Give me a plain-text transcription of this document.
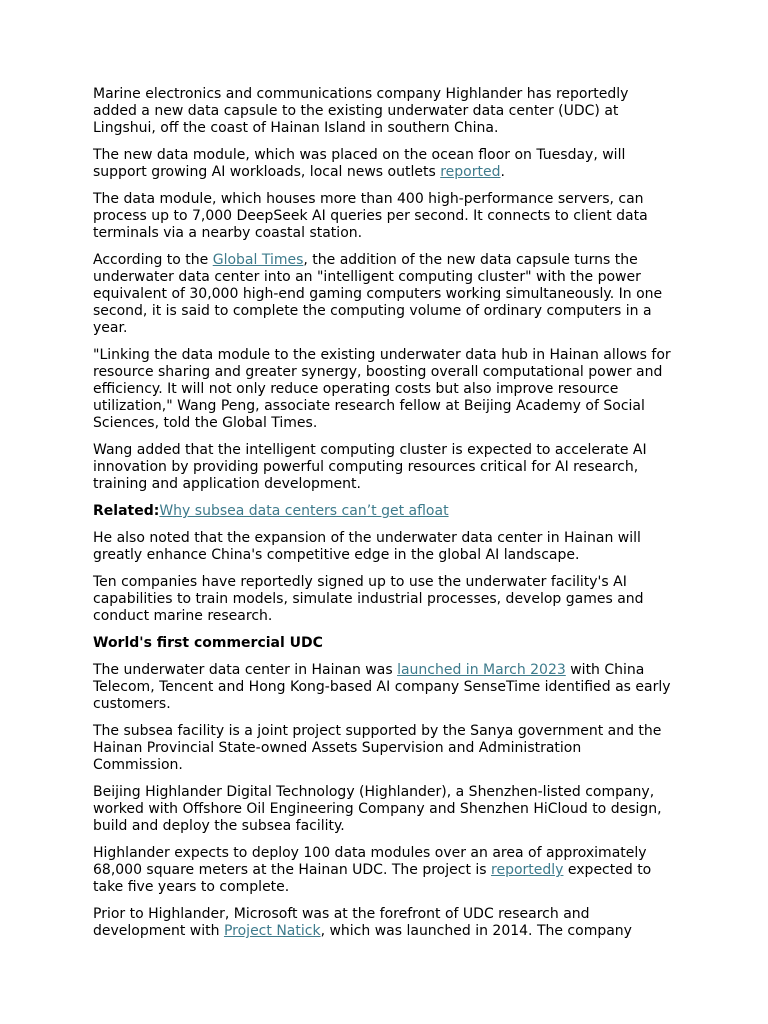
Marine electronics and communications company Highlander has reportedly added a new data capsule to the existing underwater data center (UDC) at Lingshui, off the coast of Hainan Island in southern China.

The new data module, which was placed on the ocean floor on Tuesday, will support growing AI workloads, local news outlets reported.

The data module, which houses more than 400 high-performance servers, can process up to 7,000 DeepSeek AI queries per second. It connects to client data terminals via a nearby coastal station.

According to the Global Times, the addition of the new data capsule turns the underwater data center into an "intelligent computing cluster" with the power equivalent of 30,000 high-end gaming computers working simultaneously. In one second, it is said to complete the computing volume of ordinary computers in a year.

"Linking the data module to the existing underwater data hub in Hainan allows for resource sharing and greater synergy, boosting overall computational power and efficiency. It will not only reduce operating costs but also improve resource utilization," Wang Peng, associate research fellow at Beijing Academy of Social Sciences, told the Global Times.

Wang added that the intelligent computing cluster is expected to accelerate AI innovation by providing powerful computing resources critical for AI research, training and application development.

Related:Why subsea data centers can’t get afloat

He also noted that the expansion of the underwater data center in Hainan will greatly enhance China's competitive edge in the global AI landscape.

Ten companies have reportedly signed up to use the underwater facility's AI capabilities to train models, simulate industrial processes, develop games and conduct marine research.

World's first commercial UDC

The underwater data center in Hainan was launched in March 2023 with China Telecom, Tencent and Hong Kong-based AI company SenseTime identified as early customers.

The subsea facility is a joint project supported by the Sanya government and the Hainan Provincial State-owned Assets Supervision and Administration Commission.

Beijing Highlander Digital Technology (Highlander), a Shenzhen-listed company, worked with Offshore Oil Engineering Company and Shenzhen HiCloud to design, build and deploy the subsea facility.

Highlander expects to deploy 100 data modules over an area of approximately 68,000 square meters at the Hainan UDC. The project is reportedly expected to take five years to complete.

Prior to Highlander, Microsoft was at the forefront of UDC research and development with Project Natick, which was launched in 2014. The company
